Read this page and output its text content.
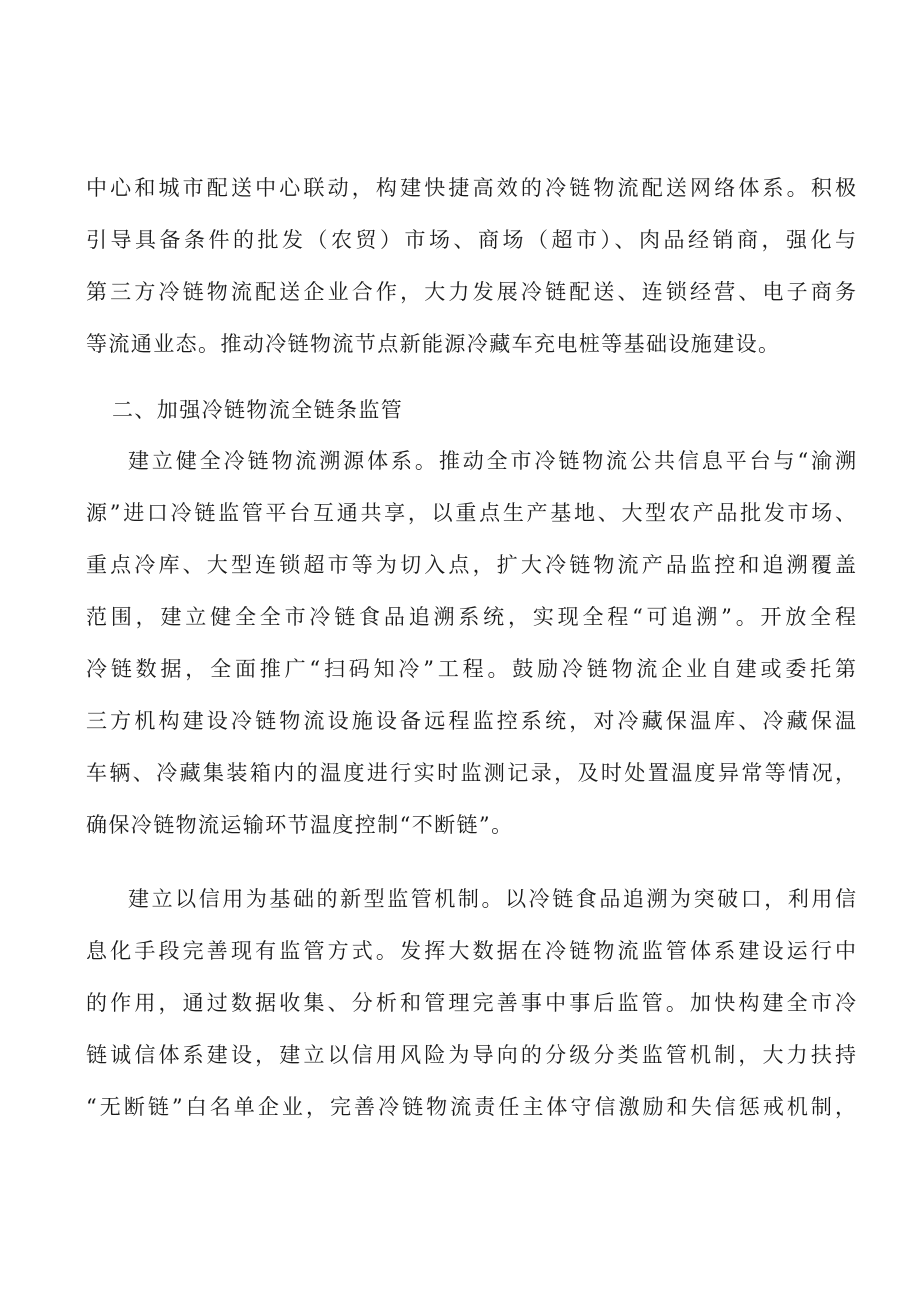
中心和城市配送中心联动，构建快捷高效的冷链物流配送网络体系。积极
引导具备条件的批发（农贸）市场、商场（超市）、肉品经销商，强化与
第三方冷链物流配送企业合作，大力发展冷链配送、连锁经营、电子商务
等流通业态。推动冷链物流节点新能源冷藏车充电桩等基础设施建设。
二、加强冷链物流全链条监管
建立健全冷链物流溯源体系。推动全市冷链物流公共信息平台与“渝溯
源”进口冷链监管平台互通共享，以重点生产基地、大型农产品批发市场、
重点冷库、大型连锁超市等为切入点，扩大冷链物流产品监控和追溯覆盖
范围，建立健全全市冷链食品追溯系统，实现全程“可追溯”。开放全程
冷链数据，全面推广“扫码知冷”工程。鼓励冷链物流企业自建或委托第
三方机构建设冷链物流设施设备远程监控系统，对冷藏保温库、冷藏保温
车辆、冷藏集装箱内的温度进行实时监测记录，及时处置温度异常等情况，
确保冷链物流运输环节温度控制“不断链”。
建立以信用为基础的新型监管机制。以冷链食品追溯为突破口，利用信
息化手段完善现有监管方式。发挥大数据在冷链物流监管体系建设运行中
的作用，通过数据收集、分析和管理完善事中事后监管。加快构建全市冷
链诚信体系建设，建立以信用风险为导向的分级分类监管机制，大力扶持
“无断链”白名单企业，完善冷链物流责任主体守信激励和失信惩戒机制，
